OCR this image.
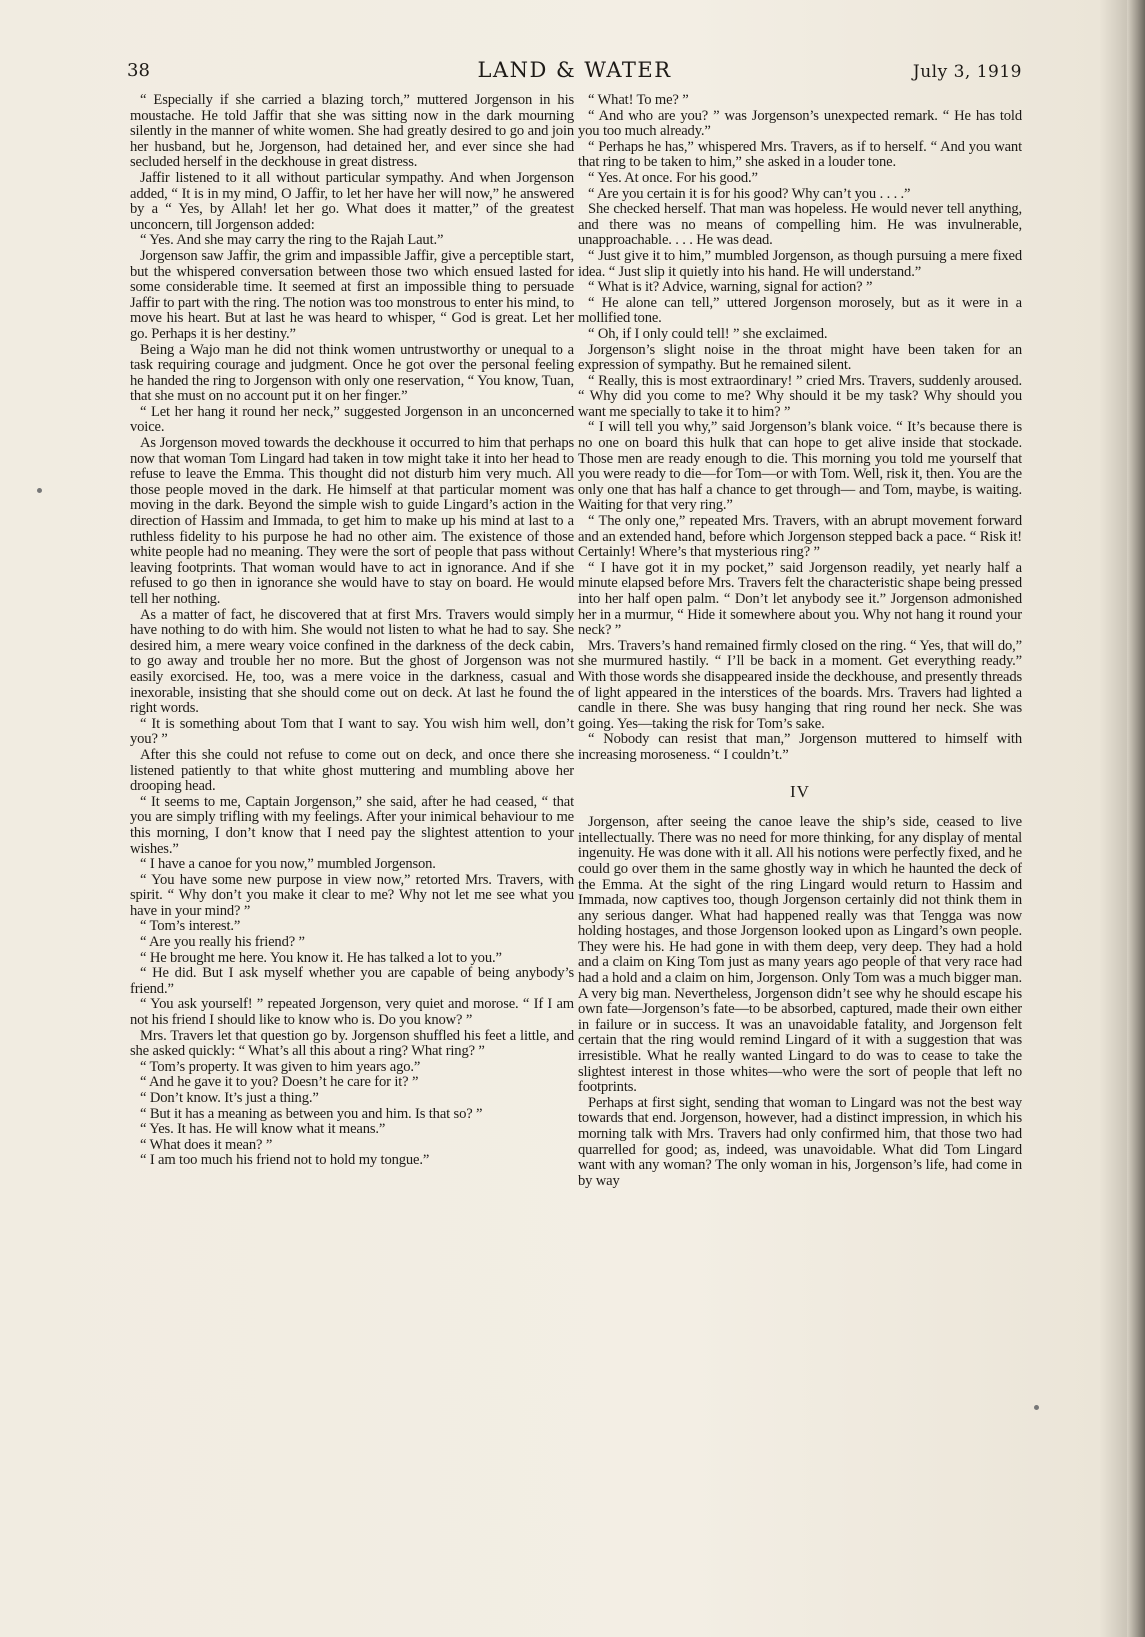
38	LAND & WATER	July 3, 1919

“ Especially if she carried a blazing torch,” muttered Jorgenson in his moustache. He told Jaffir that she was sitting now in the dark mourning silently in the manner of white women. She had greatly desired to go and join her husband, but he, Jorgenson, had detained her, and ever since she had secluded herself in the deckhouse in great distress.

Jaffir listened to it all without particular sympathy. And when Jorgenson added, “ It is in my mind, O Jaffir, to let her have her will now,” he answered by a “ Yes, by Allah! let her go. What does it matter,” of the greatest unconcern, till Jorgenson added:

“ Yes. And she may carry the ring to the Rajah Laut.”

Jorgenson saw Jaffir, the grim and impassible Jaffir, give a perceptible start, but the whispered conversation between those two which ensued lasted for some considerable time. It seemed at first an impossible thing to persuade Jaffir to part with the ring. The notion was too monstrous to enter his mind, to move his heart. But at last he was heard to whisper, “ God is great. Let her go. Perhaps it is her destiny.”

Being a Wajo man he did not think women untrustworthy or unequal to a task requiring courage and judgment. Once he got over the personal feeling he handed the ring to Jorgenson with only one reservation, “ You know, Tuan, that she must on no account put it on her finger.”

“ Let her hang it round her neck,” suggested Jorgenson in an unconcerned voice.

As Jorgenson moved towards the deckhouse it occurred to him that perhaps now that woman Tom Lingard had taken in tow might take it into her head to refuse to leave the Emma. This thought did not disturb him very much. All those people moved in the dark. He himself at that particular moment was moving in the dark. Beyond the simple wish to guide Lingard’s action in the direction of Hassim and Immada, to get him to make up his mind at last to a ruthless fidelity to his purpose he had no other aim. The existence of those white people had no meaning. They were the sort of people that pass without leaving footprints. That woman would have to act in ignorance. And if she refused to go then in ignorance she would have to stay on board. He would tell her nothing.

As a matter of fact, he discovered that at first Mrs. Travers would simply have nothing to do with him. She would not listen to what he had to say. She desired him, a mere weary voice confined in the darkness of the deck cabin, to go away and trouble her no more. But the ghost of Jorgenson was not easily exorcised. He, too, was a mere voice in the darkness, casual and inexorable, insisting that she should come out on deck. At last he found the right words.

“ It is something about Tom that I want to say. You wish him well, don’t you? ”

After this she could not refuse to come out on deck, and once there she listened patiently to that white ghost muttering and mumbling above her drooping head.

“ It seems to me, Captain Jorgenson,” she said, after he had ceased, “ that you are simply trifling with my feelings. After your inimical behaviour to me this morning, I don’t know that I need pay the slightest attention to your wishes.”

“ I have a canoe for you now,” mumbled Jorgenson.

“ You have some new purpose in view now,” retorted Mrs. Travers, with spirit. “ Why don’t you make it clear to me? Why not let me see what you have in your mind? ”

“ Tom’s interest.”

“ Are you really his friend? ”

“ He brought me here. You know it. He has talked a lot to you.”

“ He did. But I ask myself whether you are capable of being anybody’s friend.”

“ You ask yourself! ” repeated Jorgenson, very quiet and morose. “ If I am not his friend I should like to know who is. Do you know? ”

Mrs. Travers let that question go by. Jorgenson shuffled his feet a little, and she asked quickly: “ What’s all this about a ring? What ring? ”

“ Tom’s property. It was given to him years ago.”

“ And he gave it to you? Doesn’t he care for it? ”

“ Don’t know. It’s just a thing.”

“ But it has a meaning as between you and him. Is that so? ”

“ Yes. It has. He will know what it means.”

“ What does it mean? ”

“ I am too much his friend not to hold my tongue.”

“ What! To me? ”

“ And who are you? ” was Jorgenson’s unexpected remark. “ He has told you too much already.”

“ Perhaps he has,” whispered Mrs. Travers, as if to herself. “ And you want that ring to be taken to him,” she asked in a louder tone.

“ Yes. At once. For his good.”

“ Are you certain it is for his good? Why can’t you . . . .”

She checked herself. That man was hopeless. He would never tell anything, and there was no means of compelling him. He was invulnerable, unapproachable. . . . He was dead.

“ Just give it to him,” mumbled Jorgenson, as though pursuing a mere fixed idea. “ Just slip it quietly into his hand. He will understand.”

“ What is it? Advice, warning, signal for action? ”

“ He alone can tell,” uttered Jorgenson morosely, but as it were in a mollified tone.

“ Oh, if I only could tell! ” she exclaimed.

Jorgenson’s slight noise in the throat might have been taken for an expression of sympathy. But he remained silent.

“ Really, this is most extraordinary! ” cried Mrs. Travers, suddenly aroused. “ Why did you come to me? Why should it be my task? Why should you want me specially to take it to him? ”

“ I will tell you why,” said Jorgenson’s blank voice. “ It’s because there is no one on board this hulk that can hope to get alive inside that stockade. Those men are ready enough to die. This morning you told me yourself that you were ready to die—for Tom—or with Tom. Well, risk it, then. You are the only one that has half a chance to get through— and Tom, maybe, is waiting. Waiting for that very ring.”

“ The only one,” repeated Mrs. Travers, with an abrupt movement forward and an extended hand, before which Jorgenson stepped back a pace. “ Risk it! Certainly! Where’s that mysterious ring? ”

“ I have got it in my pocket,” said Jorgenson readily, yet nearly half a minute elapsed before Mrs. Travers felt the characteristic shape being pressed into her half open palm. “ Don’t let anybody see it.” Jorgenson admonished her in a murmur, “ Hide it somewhere about you. Why not hang it round your neck? ”

Mrs. Travers’s hand remained firmly closed on the ring. “ Yes, that will do,” she murmured hastily. “ I’ll be back in a moment. Get everything ready.” With those words she disappeared inside the deckhouse, and presently threads of light appeared in the interstices of the boards. Mrs. Travers had lighted a candle in there. She was busy hanging that ring round her neck. She was going. Yes—taking the risk for Tom’s sake.

“ Nobody can resist that man,” Jorgenson muttered to himself with increasing moroseness. “ I couldn’t.”

IV

Jorgenson, after seeing the canoe leave the ship’s side, ceased to live intellectually. There was no need for more thinking, for any display of mental ingenuity. He was done with it all. All his notions were perfectly fixed, and he could go over them in the same ghostly way in which he haunted the deck of the Emma. At the sight of the ring Lingard would return to Hassim and Immada, now captives too, though Jorgenson certainly did not think them in any serious danger. What had happened really was that Tengga was now holding hostages, and those Jorgenson looked upon as Lingard’s own people. They were his. He had gone in with them deep, very deep. They had a hold and a claim on King Tom just as many years ago people of that very race had had a hold and a claim on him, Jorgenson. Only Tom was a much bigger man. A very big man. Nevertheless, Jorgenson didn’t see why he should escape his own fate—Jorgenson’s fate—to be absorbed, captured, made their own either in failure or in success. It was an unavoidable fatality, and Jorgenson felt certain that the ring would remind Lingard of it with a suggestion that was irresistible. What he really wanted Lingard to do was to cease to take the slightest interest in those whites—who were the sort of people that left no footprints.

Perhaps at first sight, sending that woman to Lingard was not the best way towards that end. Jorgenson, however, had a distinct impression, in which his morning talk with Mrs. Travers had only confirmed him, that those two had quarrelled for good; as, indeed, was unavoidable. What did Tom Lingard want with any woman? The only woman in his, Jorgenson’s life, had come in by way
